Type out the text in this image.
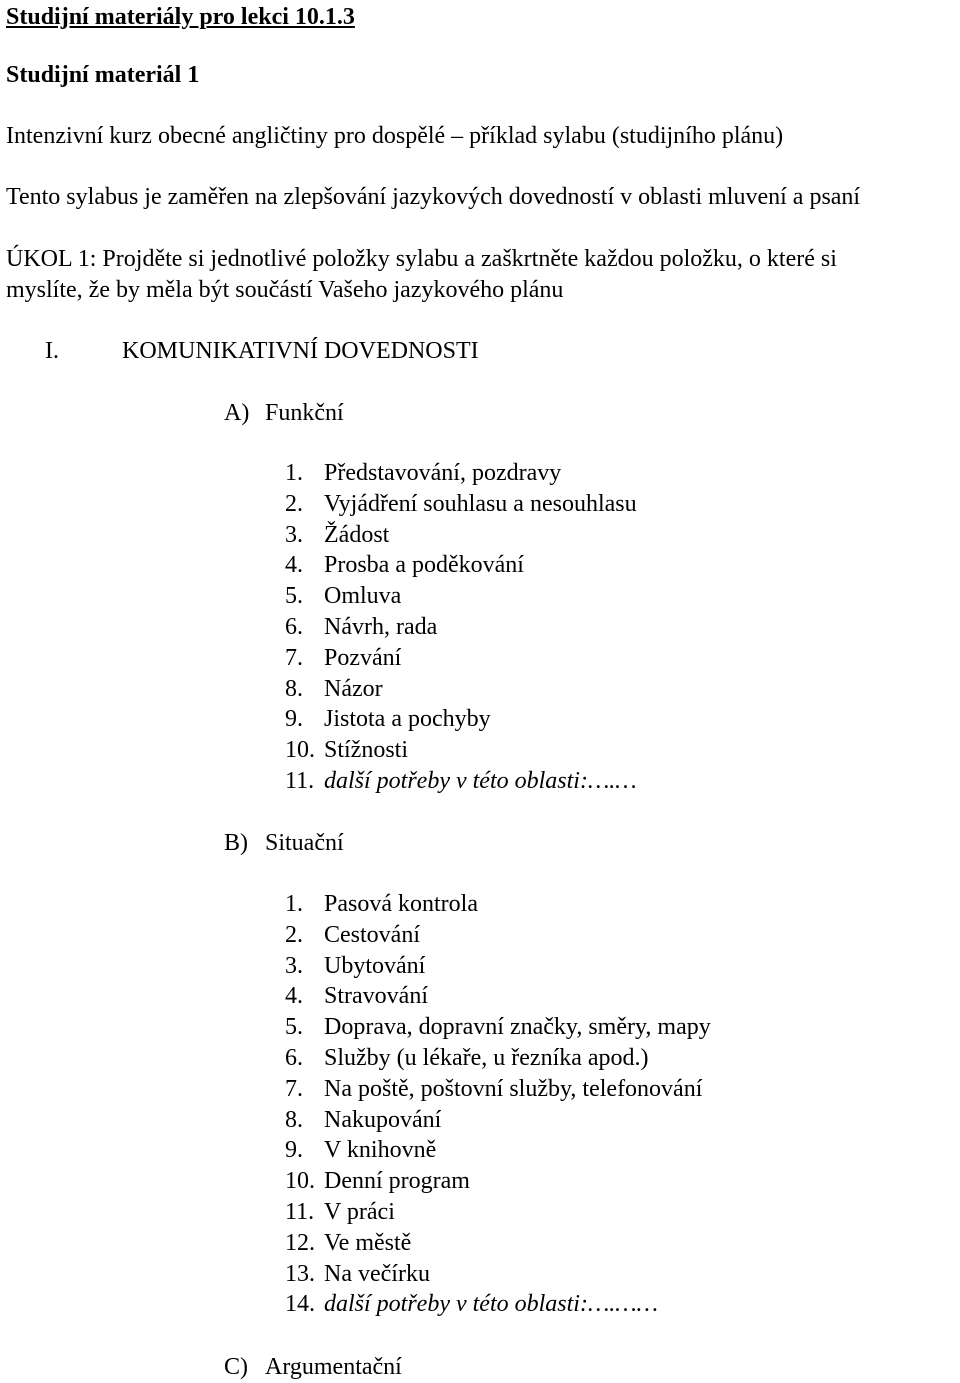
Studijní materiály pro lekci 10.1.3
Studijní materiál 1
Intenzivní kurz obecné angličtiny pro dospělé – příklad sylabu (studijního plánu)
Tento sylabus je zaměřen na zlepšování jazykových dovedností v oblasti mluvení a psaní
ÚKOL 1: Projděte si jednotlivé položky sylabu a zaškrtněte každou položku, o které si
myslíte, že by měla být součástí Vašeho jazykového plánu
I.	KOMUNIKATIVNÍ DOVEDNOSTI
A) Funkční
1. Představování, pozdravy
2. Vyjádření souhlasu a nesouhlasu
3. Žádost
4. Prosba a poděkování
5. Omluva
6. Návrh, rada
7. Pozvání
8. Názor
9. Jistota a pochyby
10. Stížnosti
11. další potřeby v této oblasti:….…
B) Situační
1. Pasová kontrola
2. Cestování
3. Ubytování
4. Stravování
5. Doprava, dopravní značky, směry, mapy
6. Služby (u lékaře, u řezníka apod.)
7. Na poště, poštovní služby, telefonování
8. Nakupování
9. V knihovně
10. Denní program
11. V práci
12. Ve městě
13. Na večírku
14. další potřeby v této oblasti:….……
C) Argumentační
